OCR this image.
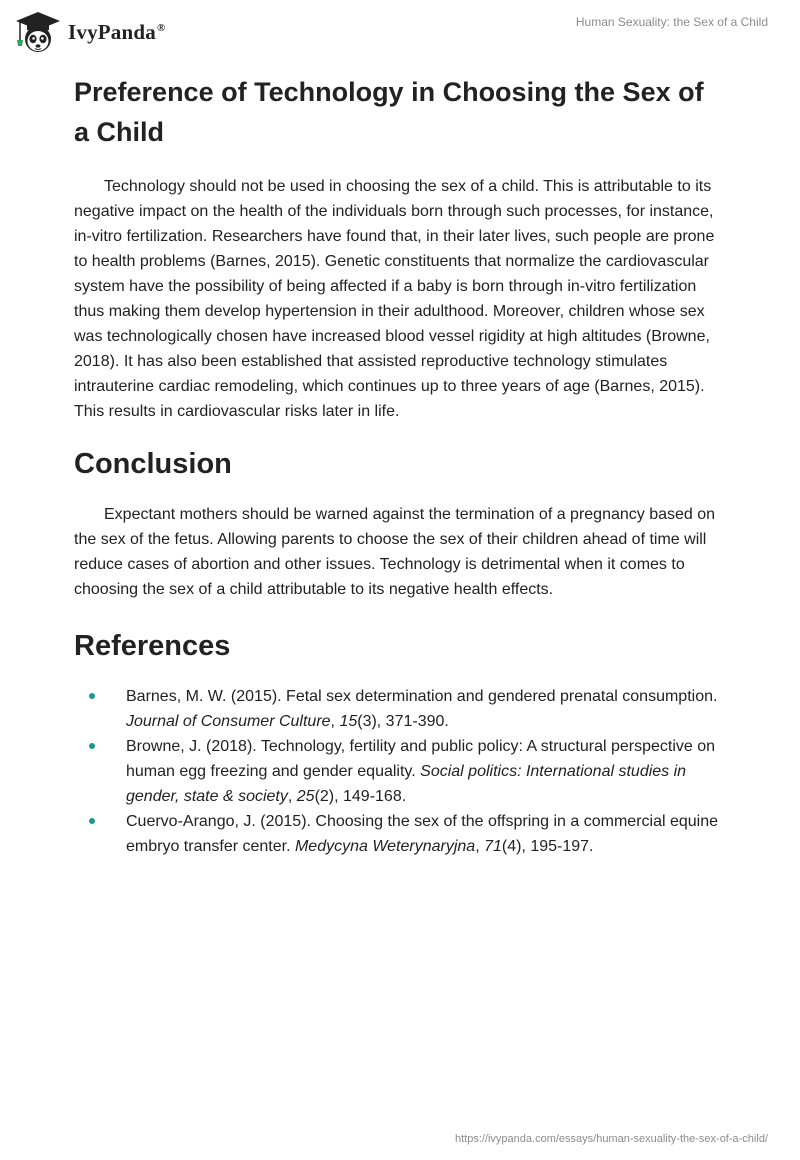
IvyPanda®	Human Sexuality: the Sex of a Child
Preference of Technology in Choosing the Sex of a Child

Technology should not be used in choosing the sex of a child. This is attributable to its negative impact on the health of the individuals born through such processes, for instance, in-vitro fertilization. Researchers have found that, in their later lives, such people are prone to health problems (Barnes, 2015). Genetic constituents that normalize the cardiovascular system have the possibility of being affected if a baby is born through in-vitro fertilization thus making them develop hypertension in their adulthood. Moreover, children whose sex was technologically chosen have increased blood vessel rigidity at high altitudes (Browne, 2018). It has also been established that assisted reproductive technology stimulates intrauterine cardiac remodeling, which continues up to three years of age (Barnes, 2015). This results in cardiovascular risks later in life.

Conclusion

Expectant mothers should be warned against the termination of a pregnancy based on the sex of the fetus. Allowing parents to choose the sex of their children ahead of time will reduce cases of abortion and other issues. Technology is detrimental when it comes to choosing the sex of a child attributable to its negative health effects.

References
Barnes, M. W. (2015). Fetal sex determination and gendered prenatal consumption. Journal of Consumer Culture, 15(3), 371-390.
Browne, J. (2018). Technology, fertility and public policy: A structural perspective on human egg freezing and gender equality. Social politics: International studies in gender, state & society, 25(2), 149-168.
Cuervo-Arango, J. (2015). Choosing the sex of the offspring in a commercial equine embryo transfer center. Medycyna Weterynaryjna, 71(4), 195-197.
https://ivypanda.com/essays/human-sexuality-the-sex-of-a-child/
